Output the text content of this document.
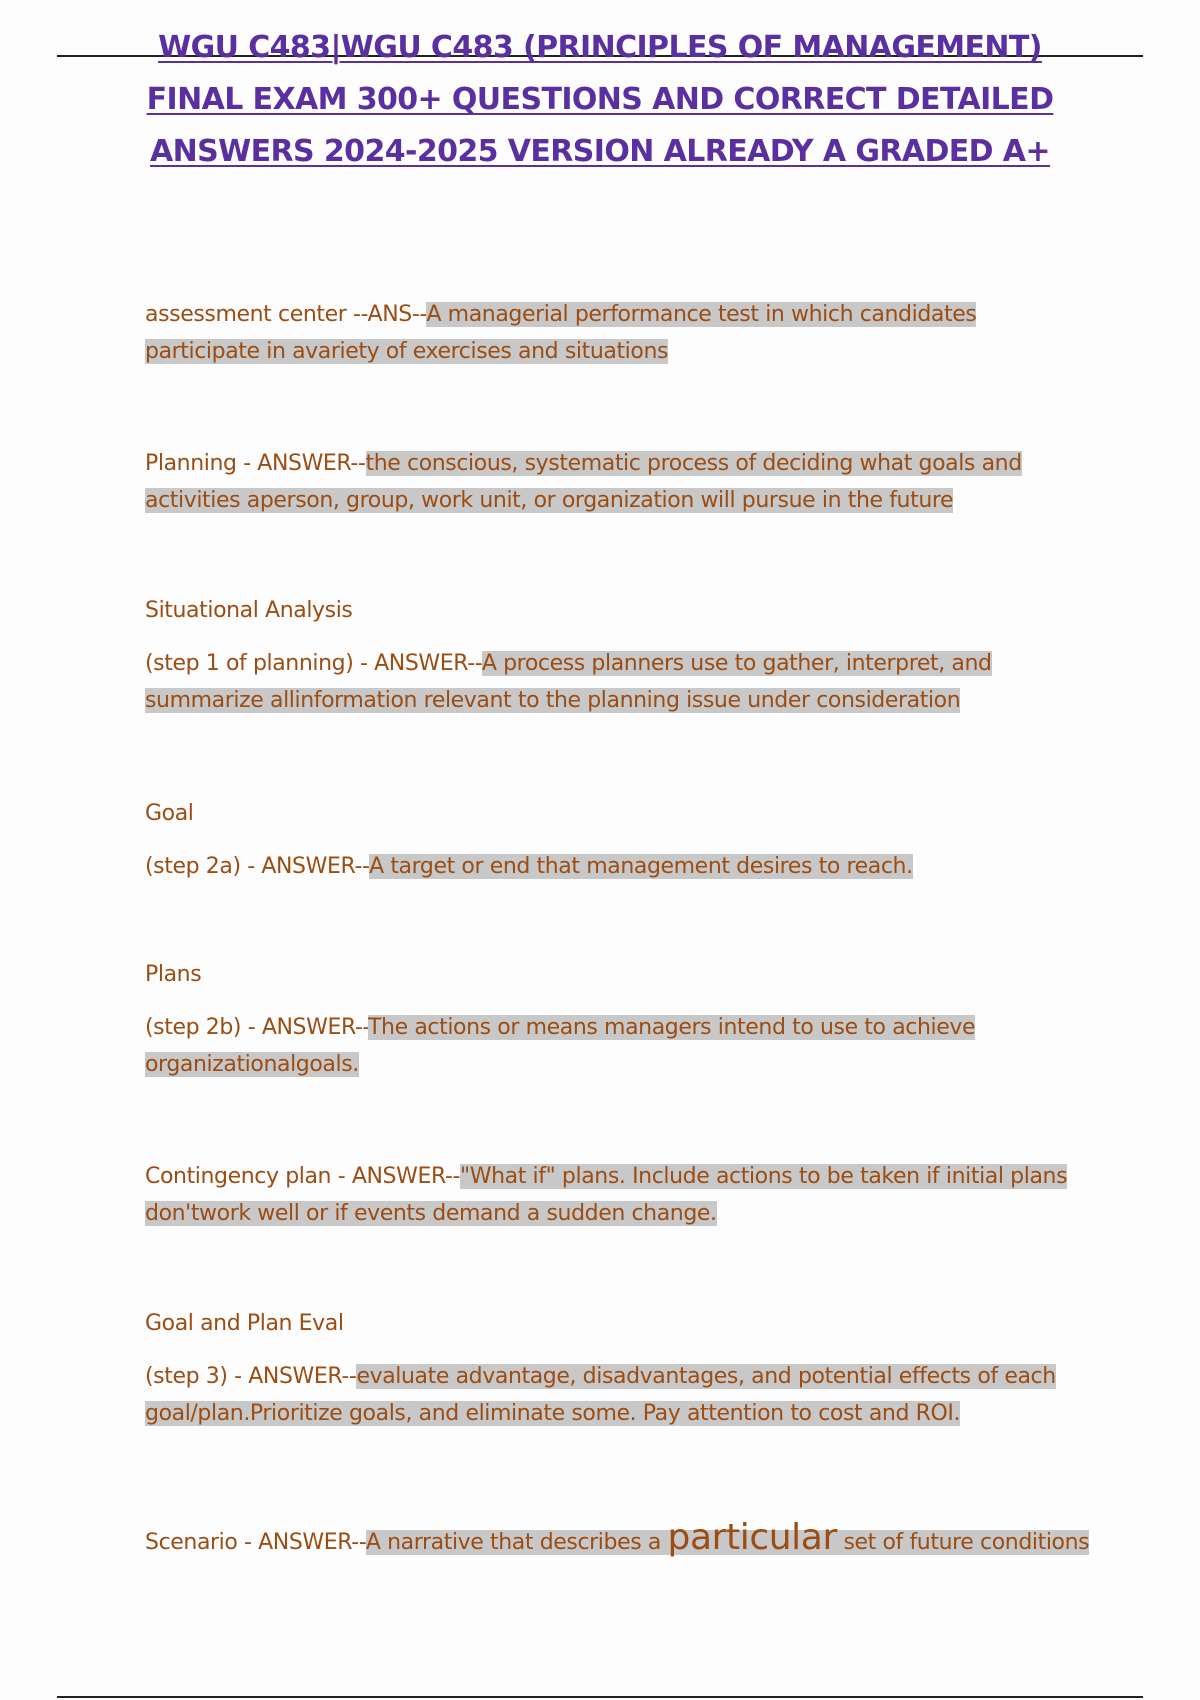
WGU C483|WGU C483 (PRINCIPLES OF MANAGEMENT) FINAL EXAM 300+ QUESTIONS AND CORRECT DETAILED ANSWERS 2024-2025 VERSION ALREADY A GRADED A+

assessment center --ANS--A managerial performance test in which candidates participate in avariety of exercises and situations

Planning - ANSWER--the conscious, systematic process of deciding what goals and activities aperson, group, work unit, or organization will pursue in the future

Situational Analysis

(step 1 of planning) - ANSWER--A process planners use to gather, interpret, and summarize allinformation relevant to the planning issue under consideration

Goal

(step 2a) - ANSWER--A target or end that management desires to reach.

Plans

(step 2b) - ANSWER--The actions or means managers intend to use to achieve organizationalgoals.

Contingency plan - ANSWER--"What if" plans. Include actions to be taken if initial plans don'twork well or if events demand a sudden change.

Goal and Plan Eval

(step 3) - ANSWER--evaluate advantage, disadvantages, and potential effects of each goal/plan.Prioritize goals, and eliminate some. Pay attention to cost and ROI.

Scenario - ANSWER--A narrative that describes a particular set of future conditions
